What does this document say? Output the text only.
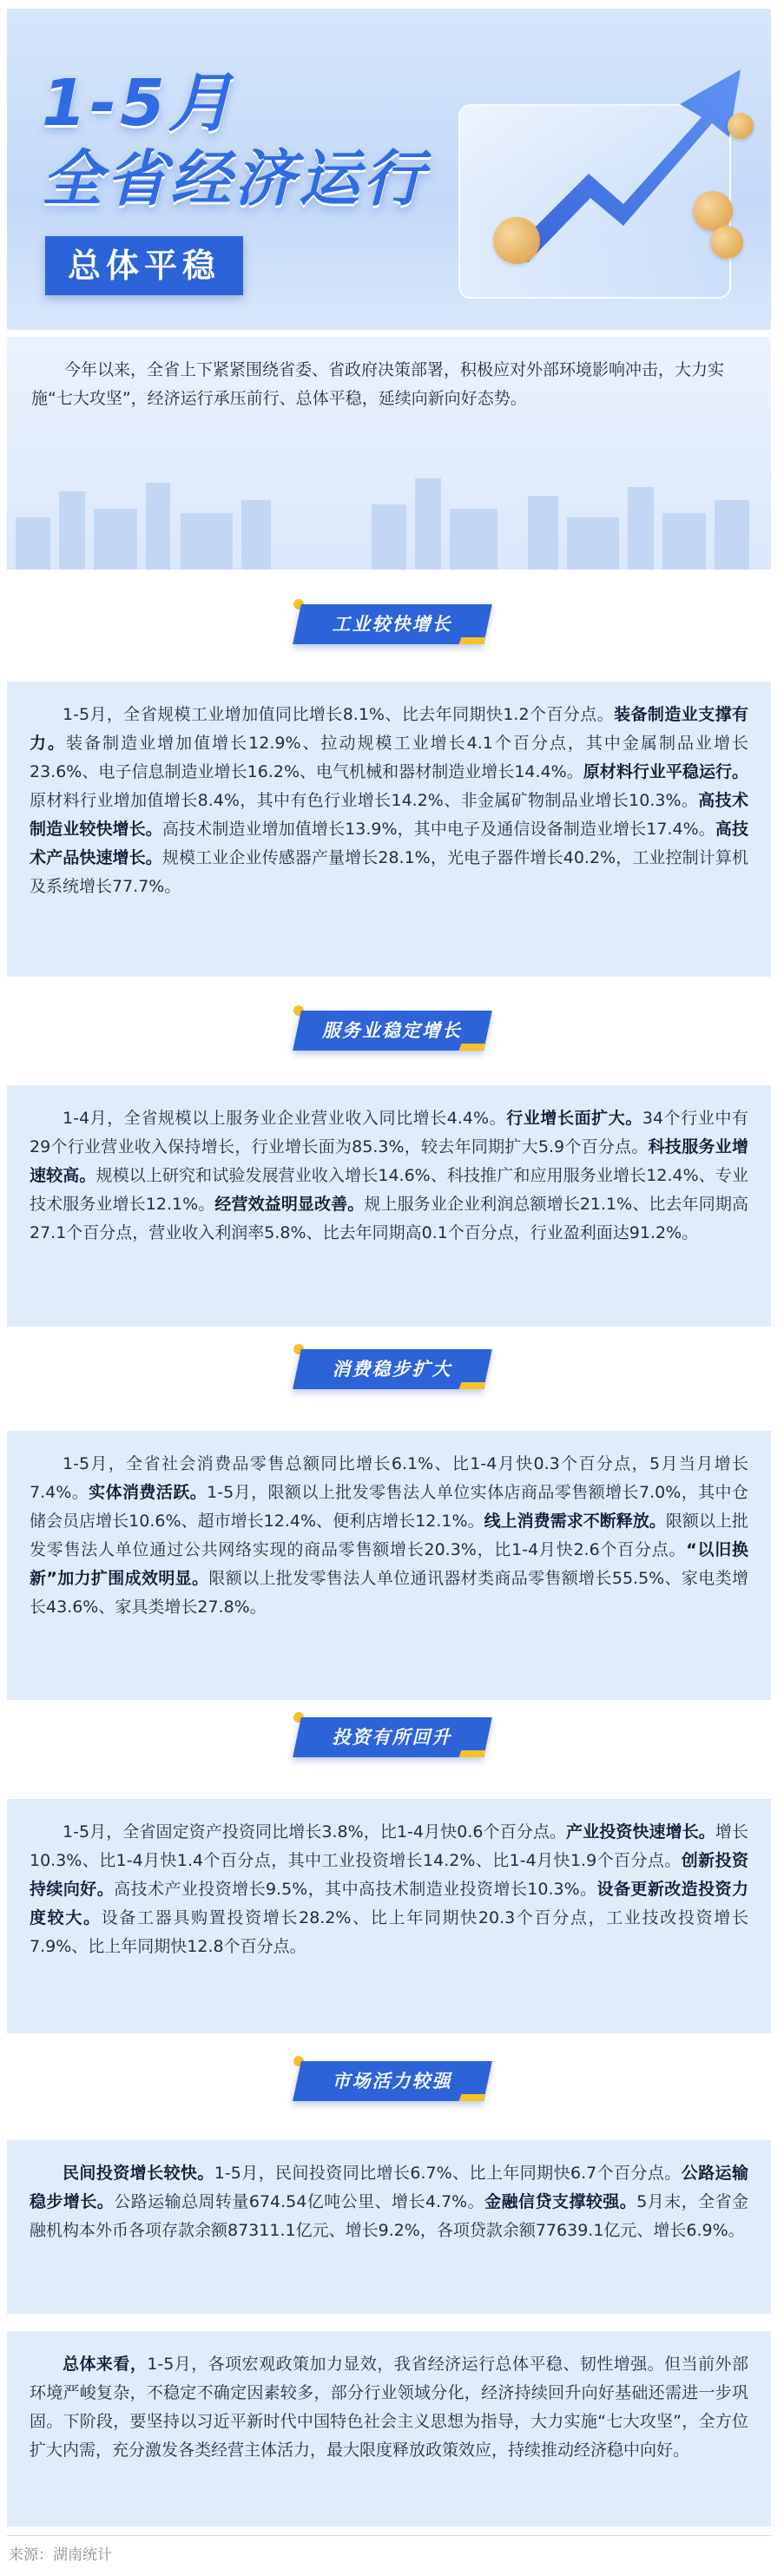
1-5月
全省经济运行
总体平稳

今年以来，全省上下紧紧围绕省委、省政府决策部署，积极应对外部环境影响冲击，大力实施“七大攻坚”，经济运行承压前行、总体平稳，延续向新向好态势。

工业较快增长

1-5月，全省规模工业增加值同比增长8.1%、比去年同期快1.2个百分点。装备制造业支撑有力。装备制造业增加值增长12.9%、拉动规模工业增长4.1个百分点，其中金属制品业增长23.6%、电子信息制造业增长16.2%、电气机械和器材制造业增长14.4%。原材料行业平稳运行。原材料行业增加值增长8.4%，其中有色行业增长14.2%、非金属矿物制品业增长10.3%。高技术制造业较快增长。高技术制造业增加值增长13.9%，其中电子及通信设备制造业增长17.4%。高技术产品快速增长。规模工业企业传感器产量增长28.1%，光电子器件增长40.2%，工业控制计算机及系统增长77.7%。

服务业稳定增长

1-4月，全省规模以上服务业企业营业收入同比增长4.4%。行业增长面扩大。34个行业中有29个行业营业收入保持增长，行业增长面为85.3%，较去年同期扩大5.9个百分点。科技服务业增速较高。规模以上研究和试验发展营业收入增长14.6%、科技推广和应用服务业增长12.4%、专业技术服务业增长12.1%。经营效益明显改善。规上服务业企业利润总额增长21.1%、比去年同期高27.1个百分点，营业收入利润率5.8%、比去年同期高0.1个百分点，行业盈利面达91.2%。

消费稳步扩大

1-5月，全省社会消费品零售总额同比增长6.1%、比1-4月快0.3个百分点，5月当月增长7.4%。实体消费活跃。1-5月，限额以上批发零售法人单位实体店商品零售额增长7.0%，其中仓储会员店增长10.6%、超市增长12.4%、便利店增长12.1%。线上消费需求不断释放。限额以上批发零售法人单位通过公共网络实现的商品零售额增长20.3%，比1-4月快2.6个百分点。“以旧换新”加力扩围成效明显。限额以上批发零售法人单位通讯器材类商品零售额增长55.5%、家电类增长43.6%、家具类增长27.8%。

投资有所回升

1-5月，全省固定资产投资同比增长3.8%，比1-4月快0.6个百分点。产业投资快速增长。增长10.3%、比1-4月快1.4个百分点，其中工业投资增长14.2%、比1-4月快1.9个百分点。创新投资持续向好。高技术产业投资增长9.5%，其中高技术制造业投资增长10.3%。设备更新改造投资力度较大。设备工器具购置投资增长28.2%、比上年同期快20.3个百分点，工业技改投资增长7.9%、比上年同期快12.8个百分点。

市场活力较强

民间投资增长较快。1-5月，民间投资同比增长6.7%、比上年同期快6.7个百分点。公路运输稳步增长。公路运输总周转量674.54亿吨公里、增长4.7%。金融信贷支撑较强。5月末，全省金融机构本外币各项存款余额87311.1亿元、增长9.2%，各项贷款余额77639.1亿元、增长6.9%。

总体来看，1-5月，各项宏观政策加力显效，我省经济运行总体平稳、韧性增强。但当前外部环境严峻复杂，不稳定不确定因素较多，部分行业领域分化，经济持续回升向好基础还需进一步巩固。下阶段，要坚持以习近平新时代中国特色社会主义思想为指导，大力实施“七大攻坚”，全方位扩大内需，充分激发各类经营主体活力，最大限度释放政策效应，持续推动经济稳中向好。

来源：湖南统计
